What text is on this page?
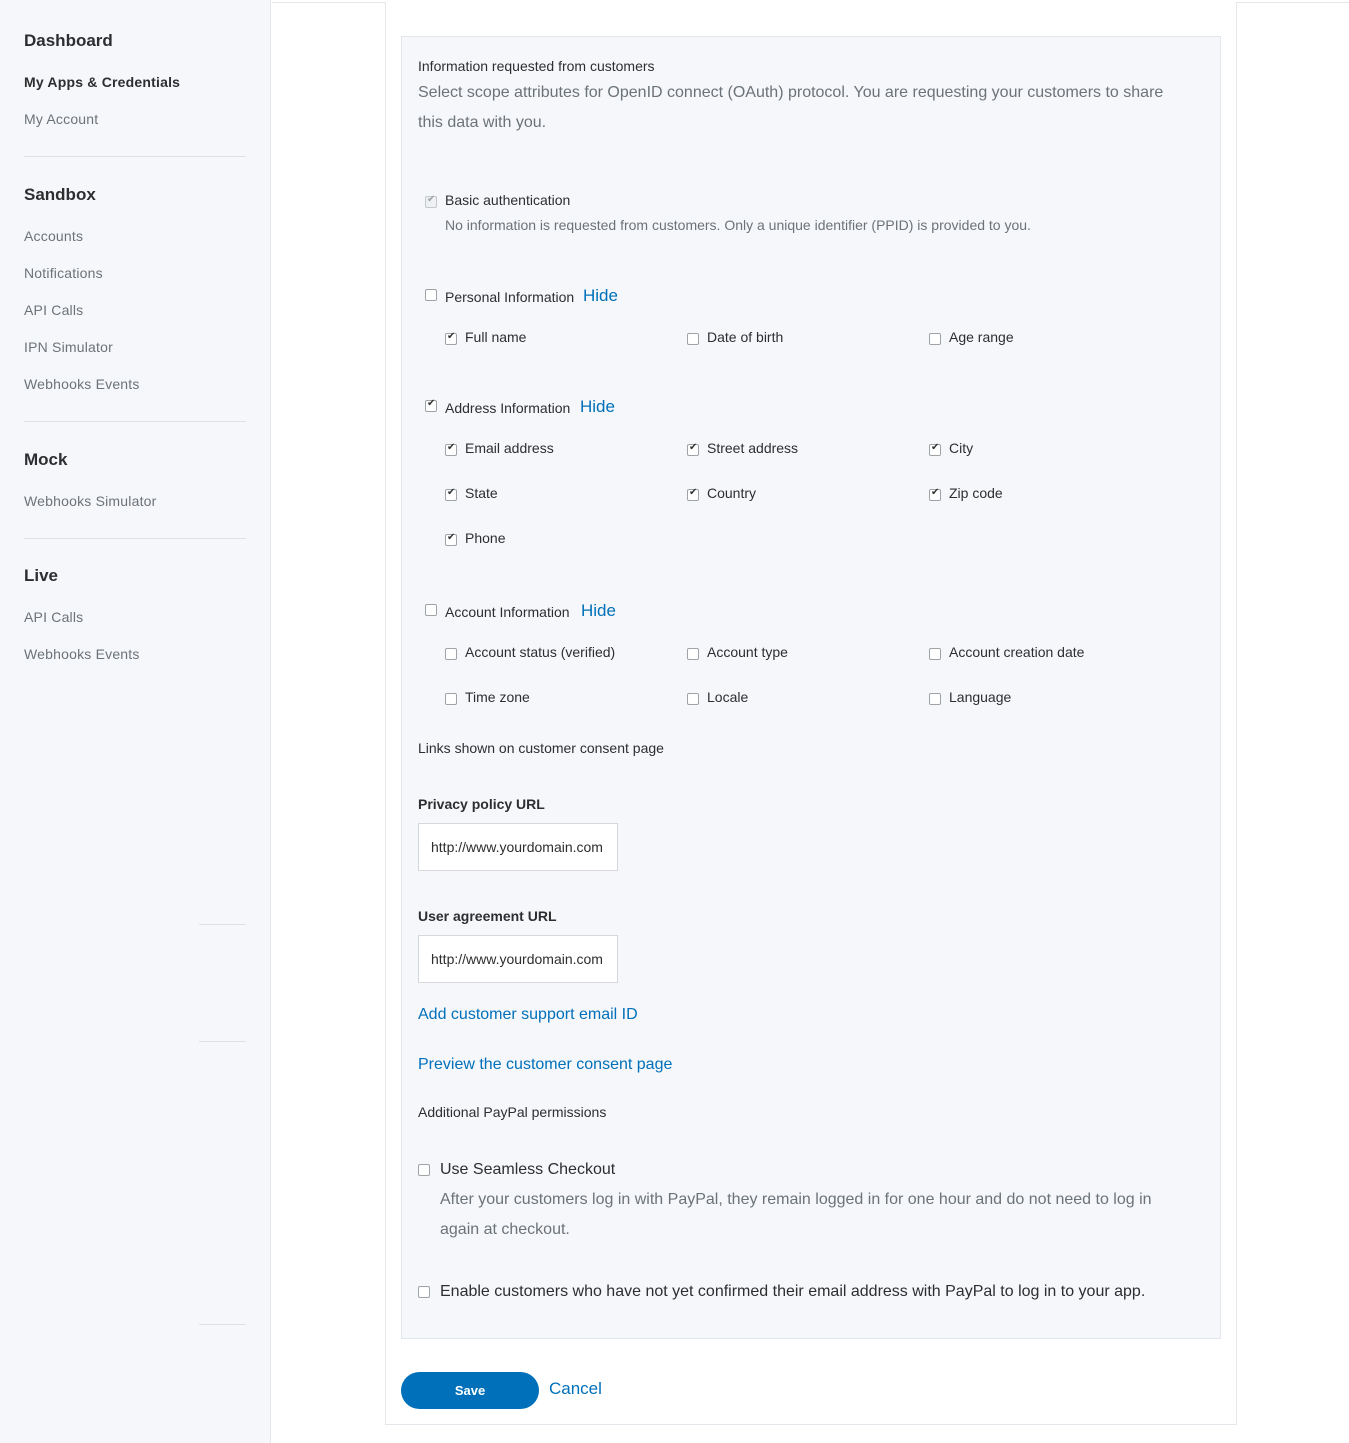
Dashboard
My Apps & Credentials
My Account
Sandbox
Accounts
Notifications
API Calls
IPN Simulator
Webhooks Events
Mock
Webhooks Simulator
Live
API Calls
Webhooks Events
Information requested from customers
Select scope attributes for OpenID connect (OAuth) protocol. You are requesting your customers to share
this data with you.
✔
Basic authentication
No information is requested from customers. Only a unique identifier (PPID) is provided to you.
Personal Information Hide
✔
Full name	Date of birth	Age range
✔
Address Information Hide
✔
Email address ✔	Street address ✔	City
✔
State ✔	Country ✔	Zip code
✔
Phone
Account Information Hide
Account status (verified)	Account type	Account creation date
Time zone	Locale	Language
Links shown on customer consent page
Privacy policy URL
http://www.yourdomain.com
User agreement URL
http://www.yourdomain.com
Add customer support email ID
Preview the customer consent page
Additional PayPal permissions
Use Seamless Checkout
After your customers log in with PayPal, they remain logged in for one hour and do not need to log in
again at checkout.
Enable customers who have not yet confirmed their email address with PayPal to log in to your app.
Save	Cancel
